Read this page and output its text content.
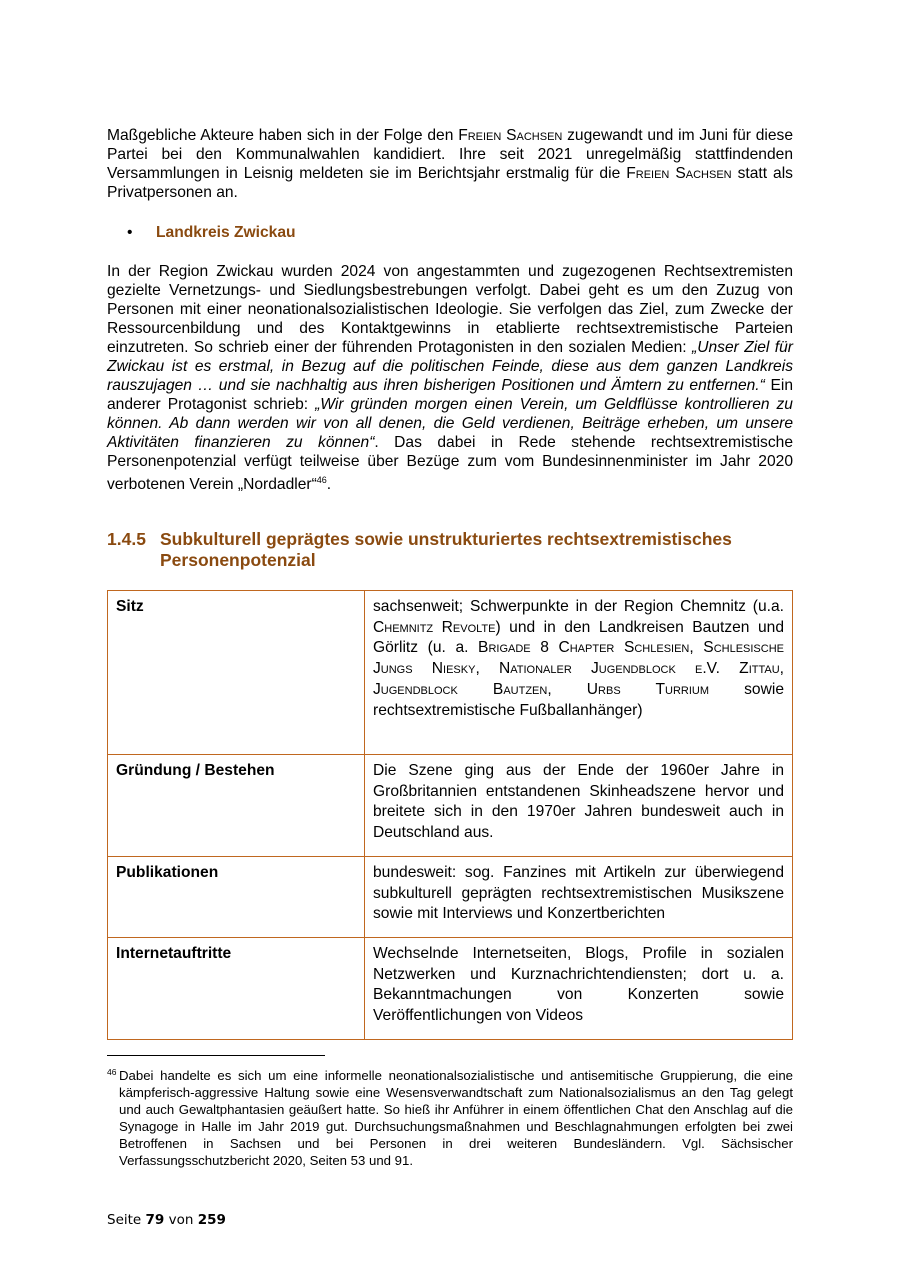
Maßgebliche Akteure haben sich in der Folge den Freien Sachsen zugewandt und im Juni für diese Partei bei den Kommunalwahlen kandidiert. Ihre seit 2021 unregelmäßig stattfindenden Versammlungen in Leisnig meldeten sie im Berichtsjahr erstmalig für die Freien Sachsen statt als Privatpersonen an.

• Landkreis Zwickau

In der Region Zwickau wurden 2024 von angestammten und zugezogenen Rechtsextremisten gezielte Vernetzungs- und Siedlungsbestrebungen verfolgt. Dabei geht es um den Zuzug von Personen mit einer neonationalsozialistischen Ideologie. Sie verfolgen das Ziel, zum Zwecke der Ressourcenbildung und des Kontaktgewinns in etablierte rechtsextremistische Parteien einzutreten. So schrieb einer der führenden Protagonisten in den sozialen Medien: „Unser Ziel für Zwickau ist es erstmal, in Bezug auf die politischen Feinde, diese aus dem ganzen Landkreis rauszujagen … und sie nachhaltig aus ihren bisherigen Positionen und Ämtern zu entfernen.“ Ein anderer Protagonist schrieb: „Wir gründen morgen einen Verein, um Geldflüsse kontrollieren zu können. Ab dann werden wir von all denen, die Geld verdienen, Beiträge erheben, um unsere Aktivitäten finanzieren zu können“. Das dabei in Rede stehende rechtsextremistische Personenpotenzial verfügt teilweise über Bezüge zum vom Bundesinnenminister im Jahr 2020 verbotenen Verein „Nordadler“$^{46}$.

1.4.5 Subkulturell geprägtes sowie unstrukturiertes rechtsextremistisches
Personenpotenzial
Sitz	sachsenweit; Schwerpunkte in der Region Chemnitz (u.a. Chemnitz Revolte) und in den Landkreisen Bautzen und Görlitz (u. a. Brigade 8 Chapter Schlesien, Schlesische Jungs Niesky, Nationaler Jugendblock e.V. Zittau, Jugendblock Bautzen, Urbs Turrium sowie rechtsextremistische Fußballanhänger)
Gründung / Bestehen	Die Szene ging aus der Ende der 1960er Jahre in Großbritannien entstandenen Skinheadszene hervor und breitete sich in den 1970er Jahren bundesweit auch in Deutschland aus.
Publikationen	bundesweit: sog. Fanzines mit Artikeln zur überwiegend subkulturell geprägten rechtsextremistischen Musikszene sowie mit Interviews und Konzertberichten
Internetauftritte	Wechselnde Internetseiten, Blogs, Profile in sozialen Netzwerken und Kurznachrichtendiensten; dort u. a. Bekanntmachungen von Konzerten sowie Veröffentlichungen von Videos
$^{46}$ Dabei handelte es sich um eine informelle neonationalsozialistische und antisemitische Gruppierung, die eine kämpferisch-aggressive Haltung sowie eine Wesensverwandtschaft zum Nationalsozialismus an den Tag gelegt und auch Gewaltphantasien geäußert hatte. So hieß ihr Anführer in einem öffentlichen Chat den Anschlag auf die Synagoge in Halle im Jahr 2019 gut. Durchsuchungsmaßnahmen und Beschlagnahmungen erfolgten bei zwei Betroffenen in Sachsen und bei Personen in drei weiteren Bundesländern. Vgl. Sächsischer Verfassungsschutzbericht 2020, Seiten 53 und 91.
Seite 79 von 259
